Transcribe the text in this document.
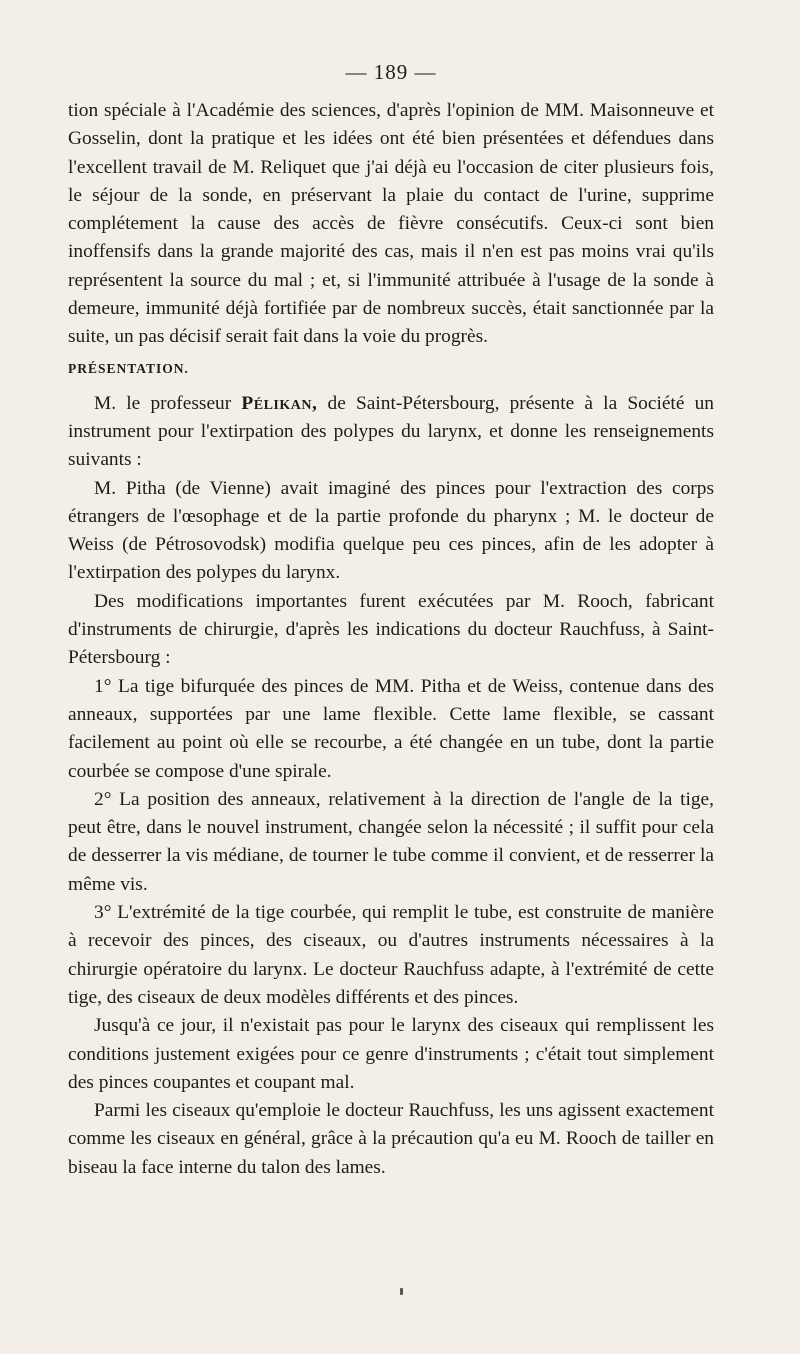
— 189 —

tion spéciale à l'Académie des sciences, d'après l'opinion de MM. Maisonneuve et Gosselin, dont la pratique et les idées ont été bien présentées et défendues dans l'excellent travail de M. Reliquet que j'ai déjà eu l'occasion de citer plusieurs fois, le séjour de la sonde, en préservant la plaie du contact de l'urine, supprime complétement la cause des accès de fièvre consécutifs. Ceux-ci sont bien inoffensifs dans la grande majorité des cas, mais il n'en est pas moins vrai qu'ils représentent la source du mal ; et, si l'immunité attribuée à l'usage de la sonde à demeure, immunité déjà fortifiée par de nombreux succès, était sanctionnée par la suite, un pas décisif serait fait dans la voie du progrès.

PRÉSENTATION.

M. le professeur Pélikan, de Saint-Pétersbourg, présente à la Société un instrument pour l'extirpation des polypes du larynx, et donne les renseignements suivants :

M. Pitha (de Vienne) avait imaginé des pinces pour l'extraction des corps étrangers de l'œsophage et de la partie profonde du pharynx ; M. le docteur de Weiss (de Pétrosovodsk) modifia quelque peu ces pinces, afin de les adopter à l'extirpation des polypes du larynx.

Des modifications importantes furent exécutées par M. Rooch, fabricant d'instruments de chirurgie, d'après les indications du docteur Rauchfuss, à Saint-Pétersbourg :

1° La tige bifurquée des pinces de MM. Pitha et de Weiss, contenue dans des anneaux, supportées par une lame flexible. Cette lame flexible, se cassant facilement au point où elle se recourbe, a été changée en un tube, dont la partie courbée se compose d'une spirale.

2° La position des anneaux, relativement à la direction de l'angle de la tige, peut être, dans le nouvel instrument, changée selon la nécessité ; il suffit pour cela de desserrer la vis médiane, de tourner le tube comme il convient, et de resserrer la même vis.

3° L'extrémité de la tige courbée, qui remplit le tube, est construite de manière à recevoir des pinces, des ciseaux, ou d'autres instruments nécessaires à la chirurgie opératoire du larynx. Le docteur Rauchfuss adapte, à l'extrémité de cette tige, des ciseaux de deux modèles différents et des pinces.

Jusqu'à ce jour, il n'existait pas pour le larynx des ciseaux qui remplissent les conditions justement exigées pour ce genre d'instruments ; c'était tout simplement des pinces coupantes et coupant mal.

Parmi les ciseaux qu'emploie le docteur Rauchfuss, les uns agissent exactement comme les ciseaux en général, grâce à la précaution qu'a eu M. Rooch de tailler en biseau la face interne du talon des lames.
